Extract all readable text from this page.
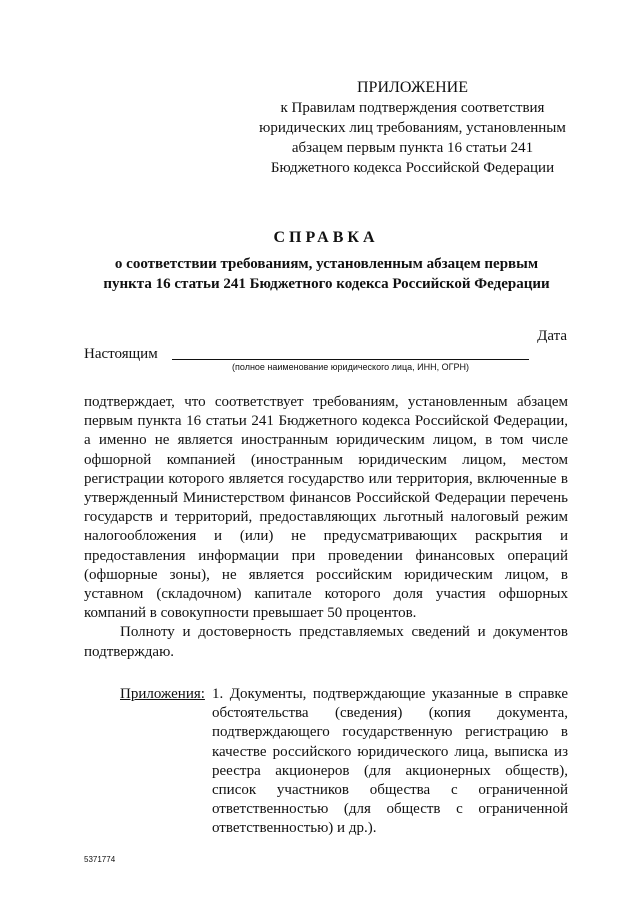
ПРИЛОЖЕНИЕ
к Правилам подтверждения соответствия
юридических лиц требованиям, установленным
абзацем первым пункта 16 статьи 241
Бюджетного кодекса Российской Федерации
СПРАВКА
о соответствии требованиям, установленным абзацем первым
пункта 16 статьи 241 Бюджетного кодекса Российской Федерации
Дата
Настоящим
(полное наименование юридического лица, ИНН, ОГРН)

подтверждает, что соответствует требованиям, установленным абзацем первым пункта 16 статьи 241 Бюджетного кодекса Российской Федерации, а именно не является иностранным юридическим лицом, в том числе офшорной компанией (иностранным юридическим лицом, местом регистрации которого является государство или территория, включенные в утвержденный Министерством финансов Российской Федерации перечень государств и территорий, предоставляющих льготный налоговый режим налогообложения и (или) не предусматривающих раскрытия и предоставления информации при проведении финансовых операций (офшорные зоны), не является российским юридическим лицом, в уставном (складочном) капитале которого доля участия офшорных компаний в совокупности превышает 50 процентов.

Полноту и достоверность представляемых сведений и документов подтверждаю.

Приложения: 1. Документы, подтверждающие указанные в справке обстоятельства (сведения) (копия документа, подтверждающего государственную регистрацию в качестве российского юридического лица, выписка из реестра акционеров (для акционерных обществ), список участников общества с ограниченной ответственностью (для обществ с ограниченной ответственностью) и др.).
5371774
